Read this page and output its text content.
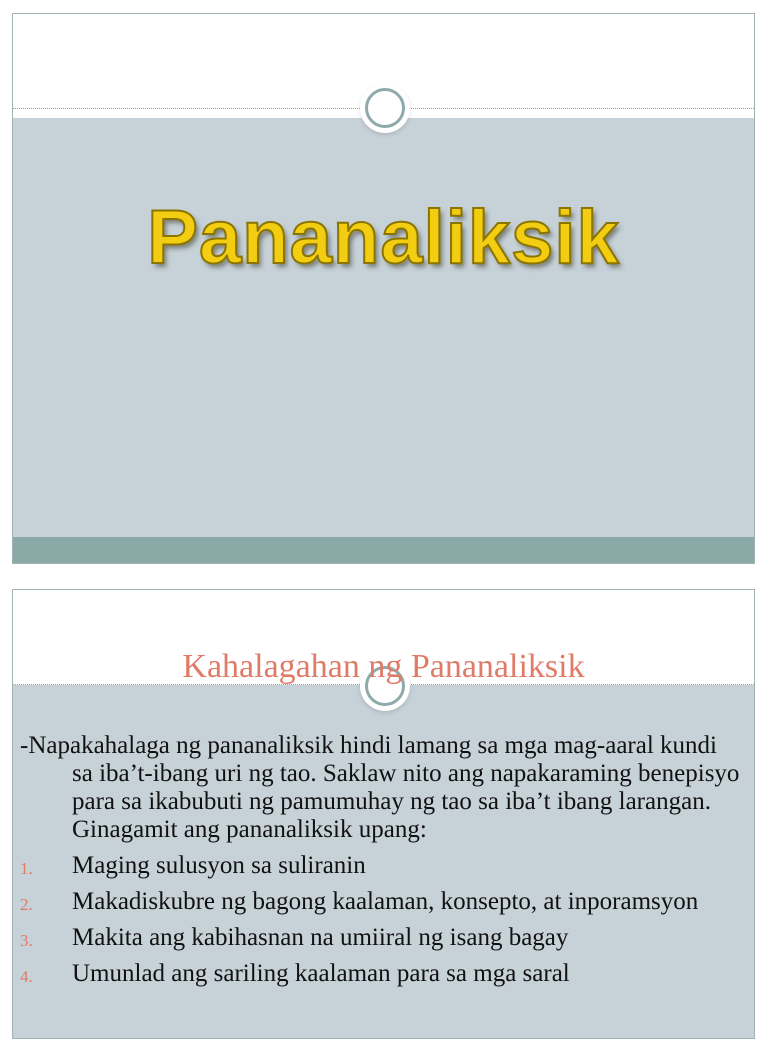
Pananaliksik
Kahalagahan ng Pananaliksik

-Napakahalaga ng pananaliksik hindi lamang sa mga mag-aaral kundi sa iba’t-ibang uri ng tao. Saklaw nito ang napakaraming benepisyo para sa ikabubuti ng pamumuhay ng tao sa iba’t ibang larangan. Ginagamit ang pananaliksik upang:

1. Maging sulusyon sa suliranin
2. Makadiskubre ng bagong kaalaman, konsepto, at inporamsyon
3. Makita ang kabihasnan na umiiral ng isang bagay
4. Umunlad ang sariling kaalaman para sa mga saral
